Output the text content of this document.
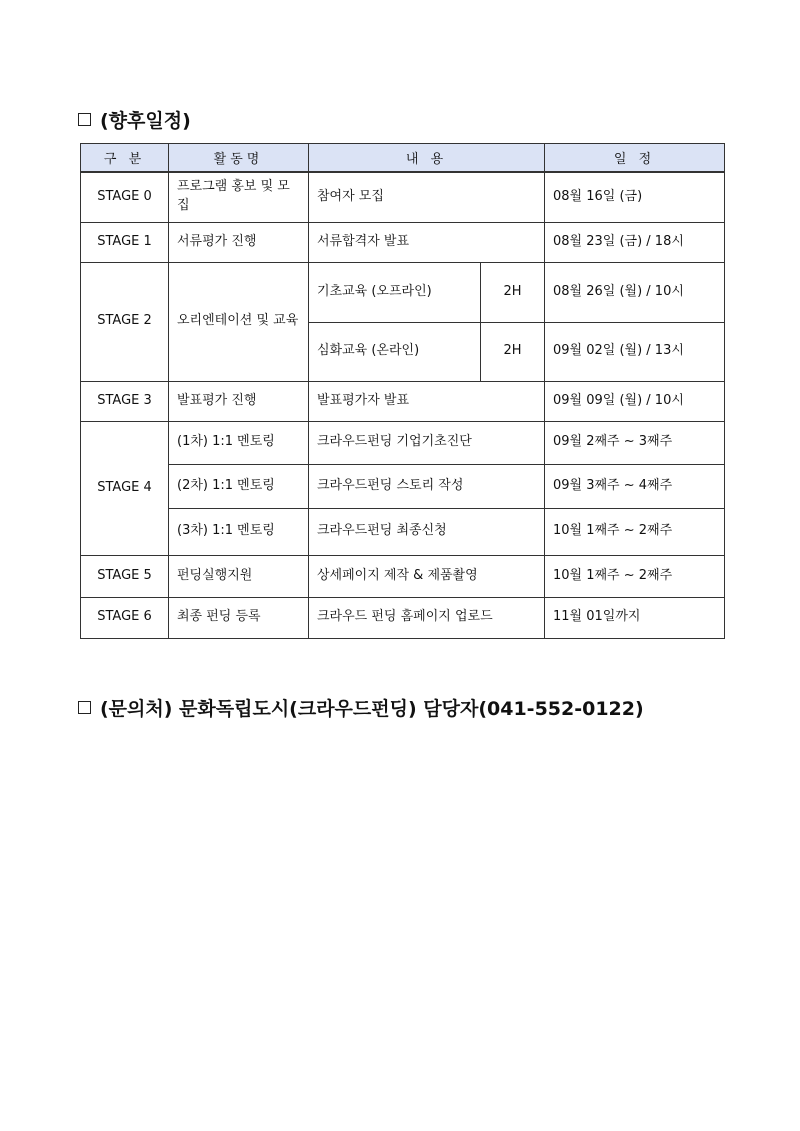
(향후일정)
구 분	활동명	내 용		일 정
STAGE 0	프로그램 홍보 및 모집	참여자 모집		08월 16일 (금)
STAGE 1	서류평가 진행	서류합격자 발표		08월 23일 (금) / 18시
STAGE 2	오리엔테이션 및 교육	기초교육 (오프라인)	2H	08월 26일 (월) / 10시
		심화교육 (온라인)	2H	09월 02일 (월) / 13시
STAGE 3	발표평가 진행	발표평가자 발표		09월 09일 (월) / 10시
STAGE 4	(1차) 1:1 멘토링	크라우드펀딩 기업기초진단		09월 2째주 ~ 3째주
	(2차) 1:1 멘토링	크라우드펀딩 스토리 작성		09월 3째주 ~ 4째주
	(3차) 1:1 멘토링	크라우드펀딩 최종신청		10월 1째주 ~ 2째주
STAGE 5	펀딩실행지원	상세페이지 제작 & 제품촬영		10월 1째주 ~ 2째주
STAGE 6	최종 펀딩 등록	크라우드 펀딩 홈페이지 업로드		11월 01일까지
(문의처) 문화독립도시(크라우드펀딩) 담당자(041-552-0122)
